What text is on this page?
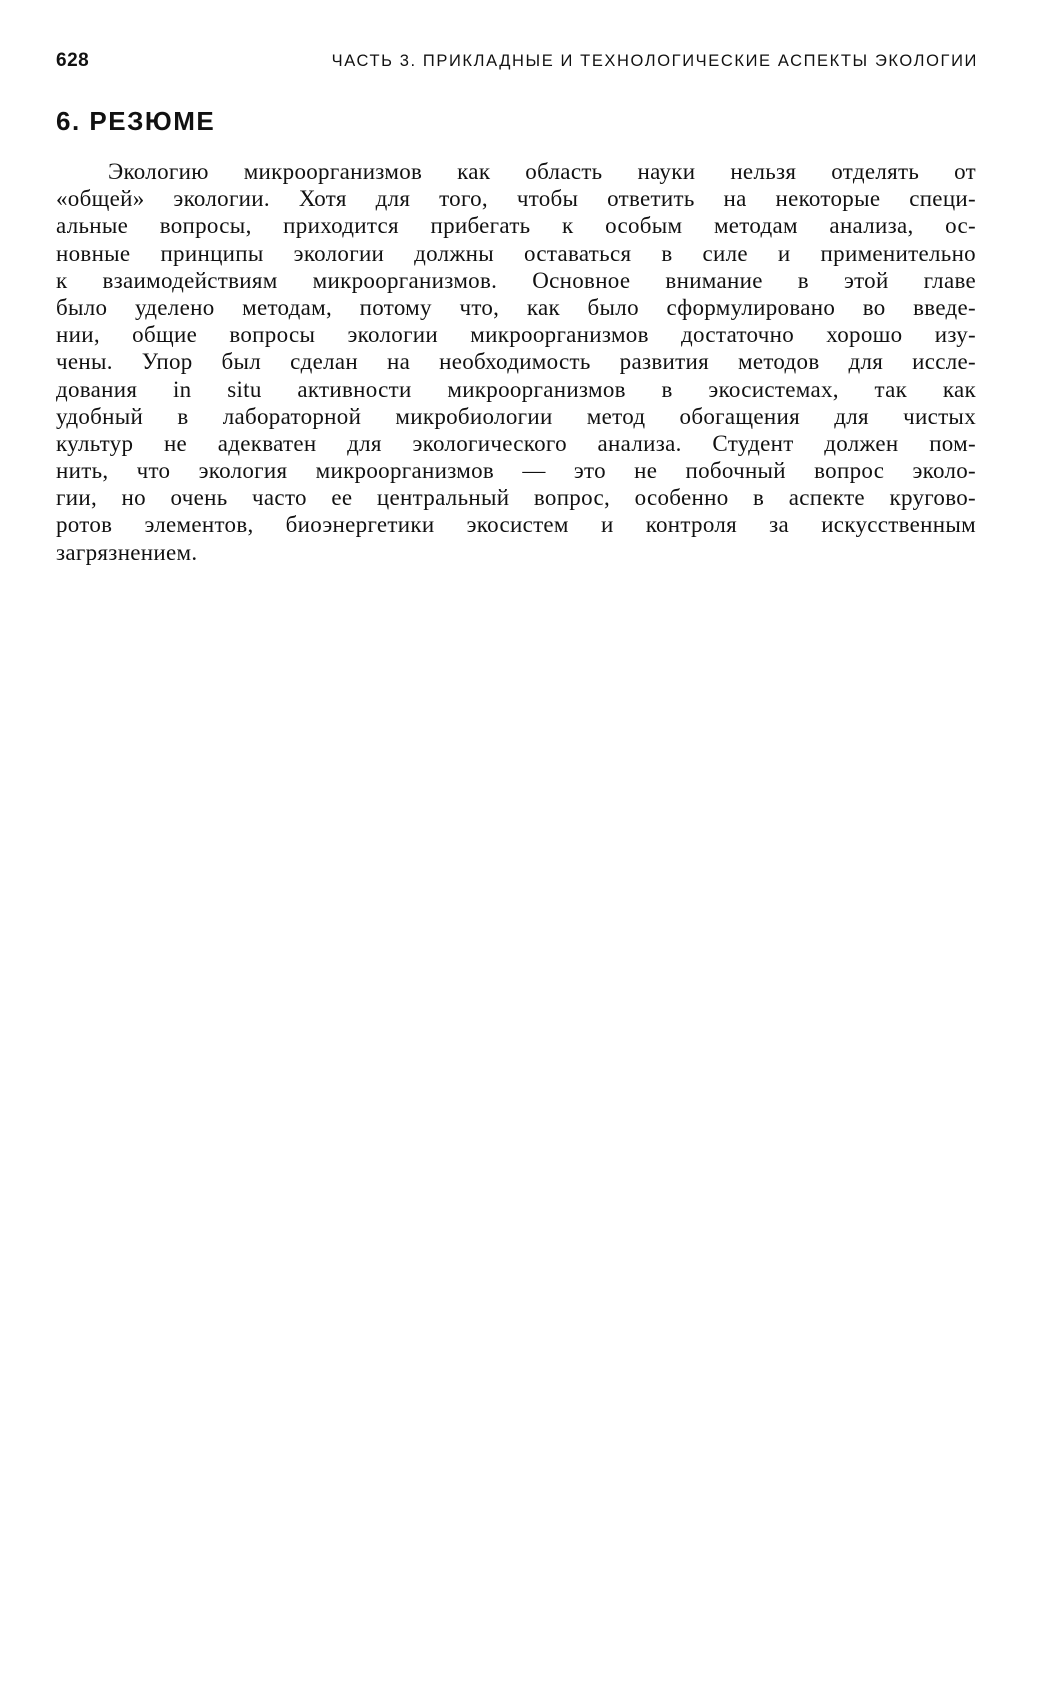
628	ЧАСТЬ 3. ПРИКЛАДНЫЕ И ТЕХНОЛОГИЧЕСКИЕ АСПЕКТЫ ЭКОЛОГИИ
6. РЕЗЮМЕ
Экологию микроорганизмов как область науки нельзя отделять от
«общей» экологии. Хотя для того, чтобы ответить на некоторые специ-
альные вопросы, приходится прибегать к особым методам анализа, ос-
новные принципы экологии должны оставаться в силе и применительно
к взаимодействиям микроорганизмов. Основное внимание в этой главе
было уделено методам, потому что, как было сформулировано во введе-
нии, общие вопросы экологии микроорганизмов достаточно хорошо изу-
чены. Упор был сделан на необходимость развития методов для иссле-
дования in situ активности микроорганизмов в экосистемах, так как
удобный в лабораторной микробиологии метод обогащения для чистых
культур не адекватен для экологического анализа. Студент должен пом-
нить, что экология микроорганизмов — это не побочный вопрос эколо-
гии, но очень часто ее центральный вопрос, особенно в аспекте кругово-
ротов элементов, биоэнергетики экосистем и контроля за искусственным
загрязнением.
